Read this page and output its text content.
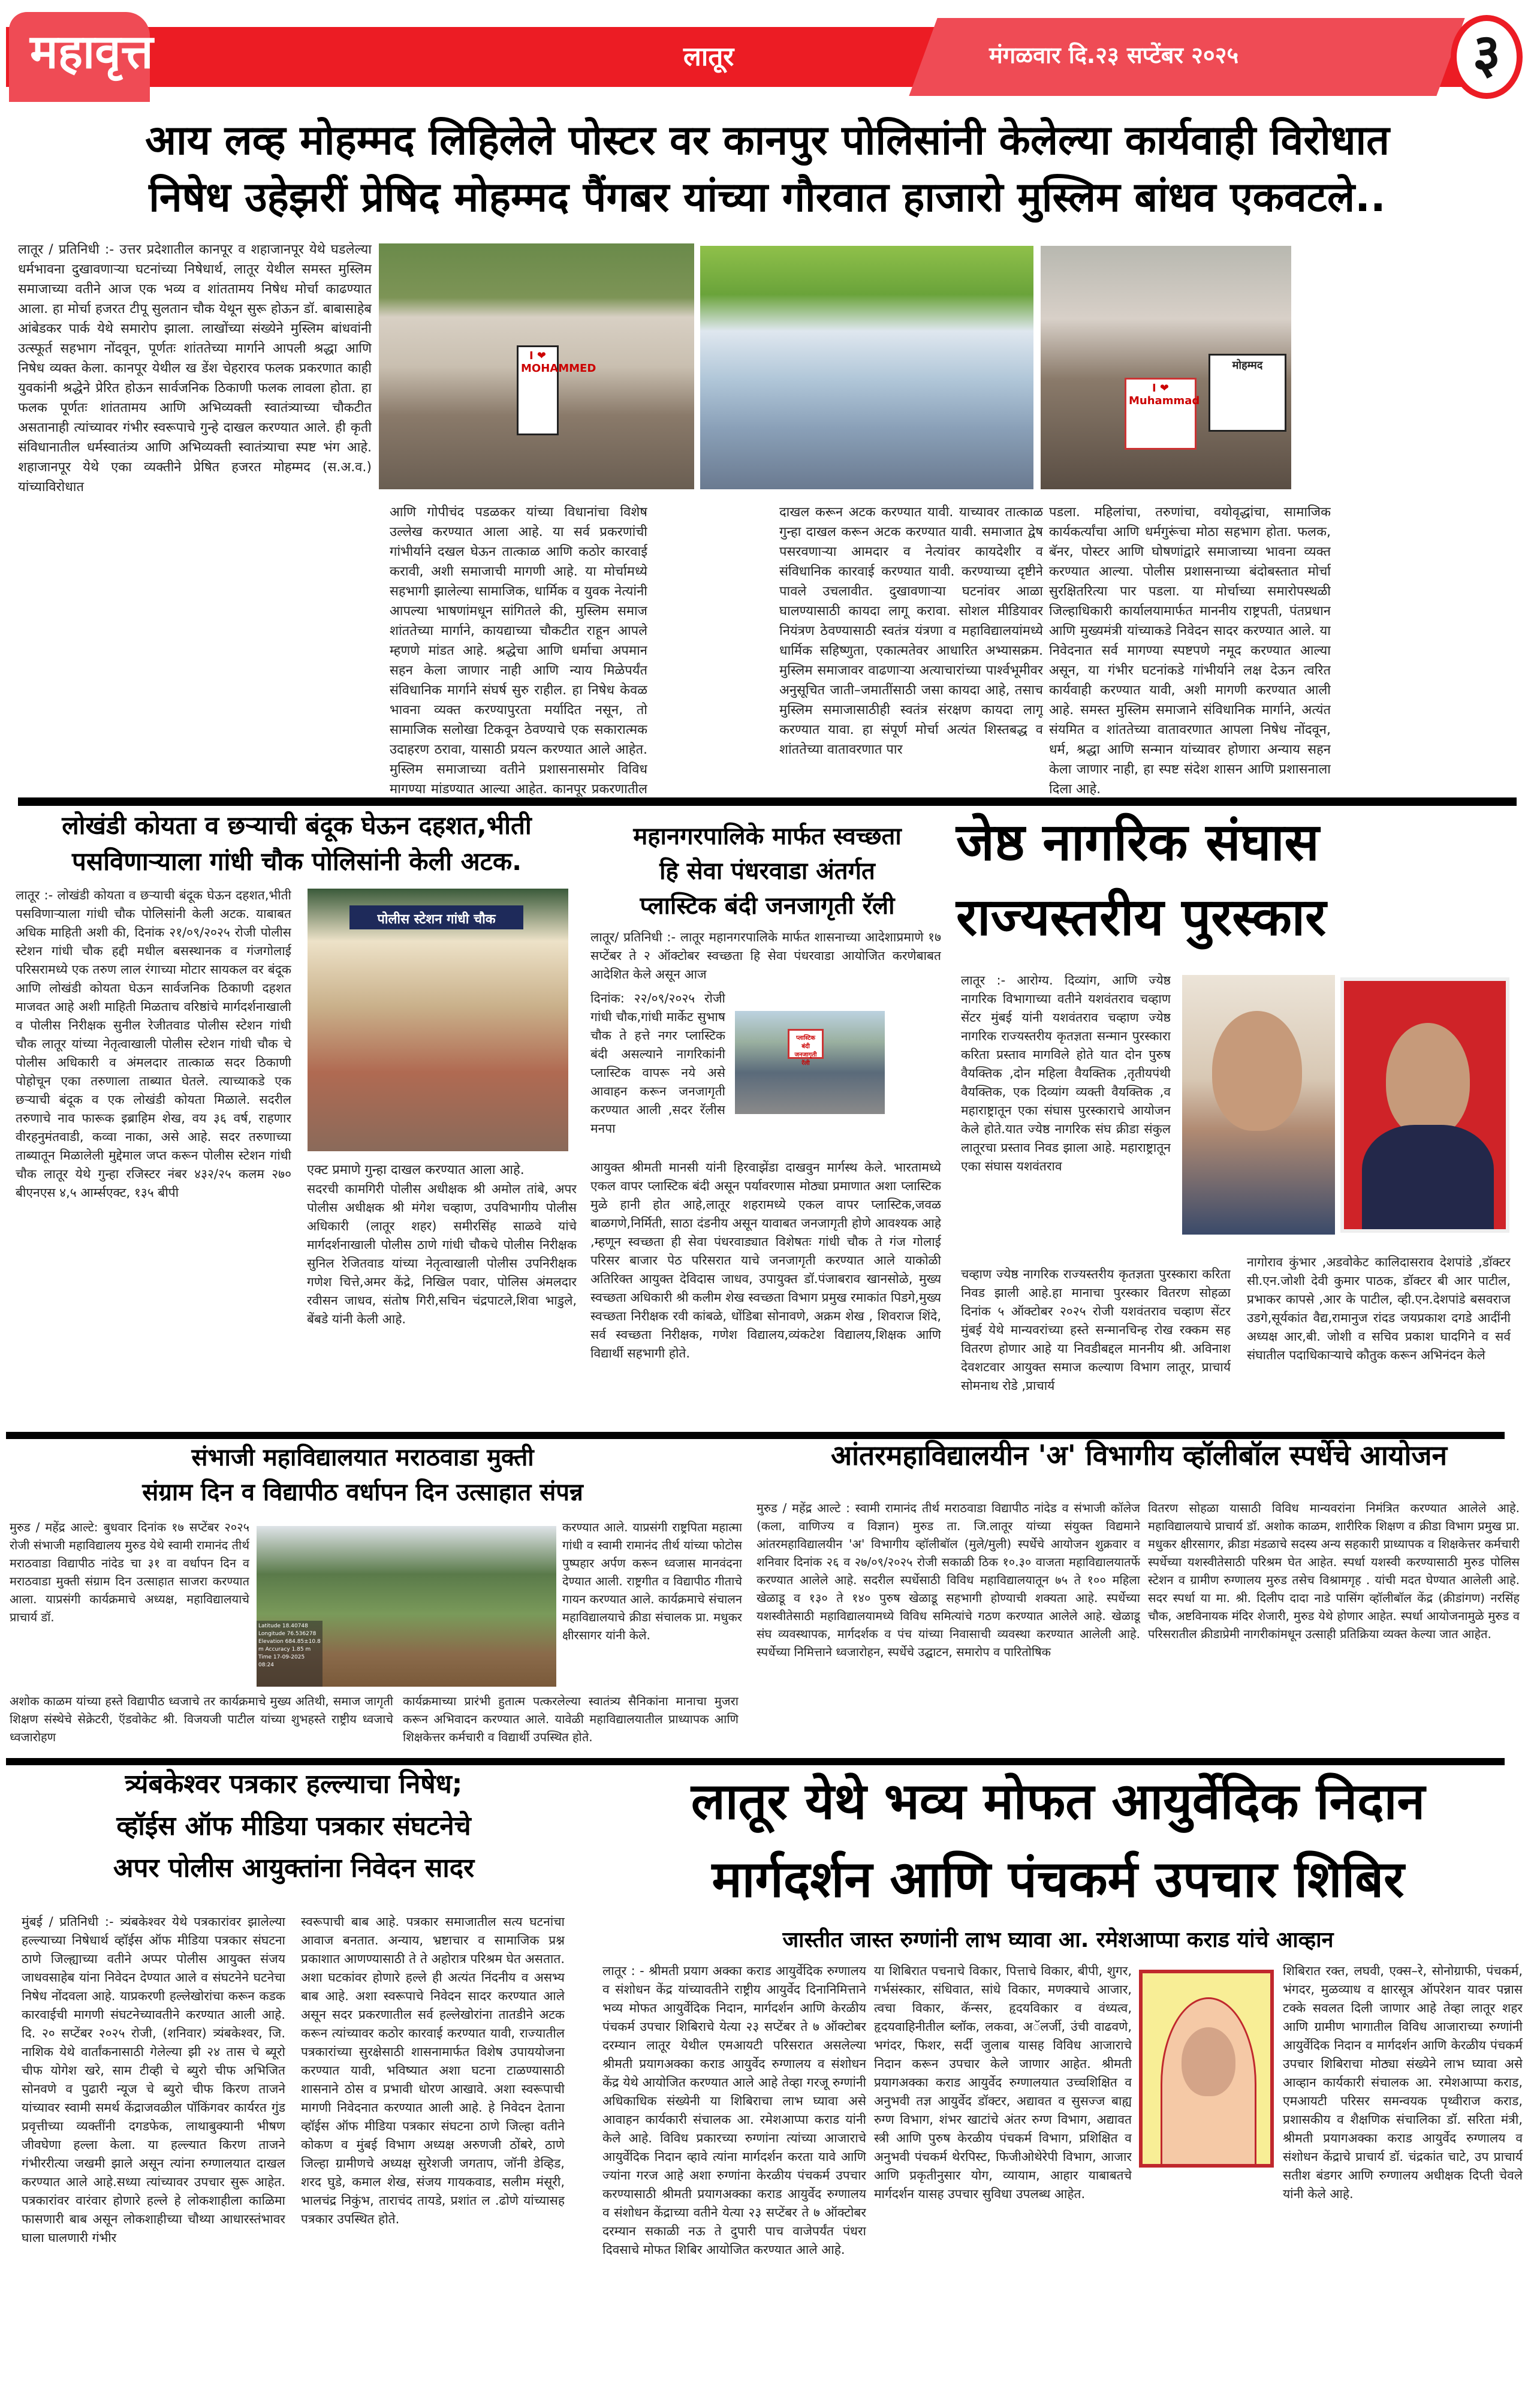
महावृत्त	लातूर	मंगळवार दि.२३ सप्टेंबर २०२५	३
आय लव्ह मोहम्मद लिहिलेले पोस्टर वर कानपुर पोलिसांनी केलेल्या कार्यवाही विरोधात
निषेध उहेझरीं प्रेषिद मोहम्मद पैंगबर यांच्या गौरवात हाजारो मुस्लिम बांधव एकवटले..
लातूर / प्रतिनिधी :- उत्तर प्रदेशातील कानपूर व शहाजानपूर येथे घडलेल्या धर्मभावना दुखावणाऱ्या घटनांच्या निषेधार्थ, लातूर येथील समस्त मुस्लिम समाजाच्या वतीने आज एक भव्य व शांततामय निषेध मोर्चा काढण्यात आला. हा मोर्चा हजरत टीपू सुलतान चौक येथून सुरू होऊन डॉ. बाबासाहेब आंबेडकर पार्क येथे समारोप झाला. लाखोंच्या संख्येने मुस्लिम बांधवांनी उत्स्फूर्त सहभाग नोंदवून, पूर्णतः शांततेच्या मार्गाने आपली श्रद्धा आणि निषेध व्यक्त केला. कानपूर येथील ख डेंश चेहरारव फलक प्रकरणात काही युवकांनी श्रद्धेने प्रेरित होऊन सार्वजनिक ठिकाणी फलक लावला होता. हा फलक पूर्णतः शांततामय आणि अभिव्यक्ती स्वातंत्र्याच्या चौकटीत असतानाही त्यांच्यावर गंभीर स्वरूपाचे गुन्हे दाखल करण्यात आले. ही कृती संविधानातील धर्मस्वातंत्र्य आणि अभिव्यक्ती स्वातंत्र्याचा स्पष्ट भंग आहे. शहाजानपूर येथे एका व्यक्तीने प्रेषित हजरत मोहम्मद (स.अ.व.) यांच्याविरोधात
I ❤ MOHAMMED
I ❤ Muhammad
मोहम्मद
आणि गोपीचंद पडळकर यांच्या विधानांचा विशेष उल्लेख करण्यात आला आहे. या सर्व प्रकरणांची गांभीर्याने दखल घेऊन तात्काळ आणि कठोर कारवाई करावी, अशी समाजाची मागणी आहे. या मोर्चामध्ये सहभागी झालेल्या सामाजिक, धार्मिक व युवक नेत्यांनी आपल्या भाषणांमधून सांगितले की, मुस्लिम समाज शांततेच्या मार्गाने, कायद्याच्या चौकटीत राहून आपले म्हणणे मांडत आहे. श्रद्धेचा आणि धर्माचा अपमान सहन केला जाणार नाही आणि न्याय मिळेपर्यंत संविधानिक मार्गाने संघर्ष सुरु राहील. हा निषेध केवळ भावना व्यक्त करण्यापुरता मर्यादित नसून, तो सामाजिक सलोखा टिकवून ठेवण्याचे एक सकारात्मक उदाहरण ठरावा, यासाठी प्रयत्न करण्यात आले आहेत. मुस्लिम समाजाच्या वतीने प्रशासनासमोर विविध मागण्या मांडण्यात आल्या आहेत. कानपूर प्रकरणातील
दाखल करून अटक करण्यात यावी. याच्यावर तात्काळ गुन्हा दाखल करून अटक करण्यात यावी. समाजात द्वेष पसरवणाऱ्या आमदार व नेत्यांवर कायदेशीर व संविधानिक कारवाई करण्यात यावी. करण्याच्या दृष्टीने पावले उचलावीत. दुखावणाऱ्या घटनांवर आळा घालण्यासाठी कायदा लागू करावा. सोशल मीडियावर नियंत्रण ठेवण्यासाठी स्वतंत्र यंत्रणा व महाविद्यालयांमध्ये धार्मिक सहिष्णुता, एकात्मतेवर आधारित अभ्यासक्रम. मुस्लिम समाजावर वाढणाऱ्या अत्याचारांच्या पार्श्वभूमीवर अनुसूचित जाती–जमातींसाठी जसा कायदा आहे, तसाच मुस्लिम समाजासाठीही स्वतंत्र संरक्षण कायदा लागू करण्यात यावा. हा संपूर्ण मोर्चा अत्यंत शिस्तबद्ध व शांततेच्या वातावरणात पार
पडला. महिलांचा, तरुणांचा, वयोवृद्धांचा, सामाजिक कार्यकर्त्यांचा आणि धर्मगुरूंचा मोठा सहभाग होता. फलक, बॅनर, पोस्टर आणि घोषणांद्वारे समाजाच्या भावना व्यक्त करण्यात आल्या. पोलीस प्रशासनाच्या बंदोबस्तात मोर्चा सुरक्षितरित्या पार पडला. या मोर्चाच्या समारोपस्थळी जिल्हाधिकारी कार्यालयामार्फत माननीय राष्ट्रपती, पंतप्रधान आणि मुख्यमंत्री यांच्याकडे निवेदन सादर करण्यात आले. या निवेदनात सर्व मागण्या स्पष्टपणे नमूद करण्यात आल्या असून, या गंभीर घटनांकडे गांभीर्याने लक्ष देऊन त्वरित कार्यवाही करण्यात यावी, अशी मागणी करण्यात आली आहे. समस्त मुस्लिम समाजाने संविधानिक मार्गाने, अत्यंत संयमित व शांततेच्या वातावरणात आपला निषेध नोंदवून, धर्म, श्रद्धा आणि सन्मान यांच्यावर होणारा अन्याय सहन केला जाणार नाही, हा स्पष्ट संदेश शासन आणि प्रशासनाला दिला आहे.
लोखंडी कोयता व छऱ्याची बंदूक घेऊन दहशत,भीती
पसविणाऱ्याला गांधी चौक पोलिसांनी केली अटक.
लातूर :- लोखंडी कोयता व छऱ्याची बंदूक घेऊन दहशत,भीती पसविणाऱ्याला गांधी चौक पोलिसांनी केली अटक. याबाबत अधिक माहिती अशी की, दिनांक २१/०९/२०२५ रोजी पोलीस स्टेशन गांधी चौक हद्दी मधील बसस्थानक व गंजगोलाई परिसरामध्ये एक तरुण लाल रंगाच्या मोटार सायकल वर बंदूक आणि लोखंडी कोयता घेऊन सार्वजनिक ठिकाणी दहशत माजवत आहे अशी माहिती मिळताच वरिष्ठांचे मार्गदर्शनाखाली व पोलीस निरीक्षक सुनील रेजीतवाड पोलीस स्टेशन गांधी चौक लातूर यांच्या नेतृत्वाखाली पोलीस स्टेशन गांधी चौक चे पोलीस अधिकारी व अंमलदार तात्काळ सदर ठिकाणी पोहोचून एका तरुणाला ताब्यात घेतले. त्याच्याकडे एक छऱ्याची बंदूक व एक लोखंडी कोयता मिळाले. सदरील तरुणाचे नाव फारूक इब्राहिम शेख, वय ३६ वर्ष, राहणार वीरहनुमंतवाडी, कव्वा नाका, असे आहे. सदर तरुणाच्या ताब्यातून मिळालेली मुद्देमाल जप्त करून पोलीस स्टेशन गांधी चौक लातूर येथे गुन्हा रजिस्टर नंबर ४३२/२५ कलम २७० बीएनएस ४,५ आर्म्सएक्ट, १३५ बीपी
पोलीस स्टेशन गांधी चौक
एक्ट प्रमाणे गुन्हा दाखल करण्यात आला आहे.
सदरची कामगिरी पोलीस अधीक्षक श्री अमोल तांबे, अपर पोलीस अधीक्षक श्री मंगेश चव्हाण, उपविभागीय पोलीस अधिकारी (लातूर शहर) समीरसिंह साळवे यांचे मार्गदर्शनाखाली पोलीस ठाणे गांधी चौकचे पोलीस निरीक्षक सुनिल रेजितवाड यांच्या नेतृत्वाखाली पोलीस उपनिरीक्षक गणेश चित्ते,अमर केंद्रे, निखिल पवार, पोलिस अंमलदार रवीसन जाधव, संतोष गिरी,सचिन चंद्रपाटले,शिवा भाडुले, बेंबडे यांनी केली आहे.
महानगरपालिके मार्फत स्वच्छता
हि सेवा पंधरवाडा अंतर्गत
प्लास्टिक बंदी जनजागृती रॅली
लातूर/ प्रतिनिधी :- लातूर महानगरपालिके मार्फत शासनाच्या आदेशाप्रमाणे १७ सप्टेंबर ते २ ऑक्टोबर स्वच्छता हि सेवा पंधरवाडा आयोजित करणेबाबत आदेशित केले असून आज
दिनांक: २२/०९/२०२५ रोजी गांधी चौक,गांधी मार्केट सुभाष चौक ते हत्ते नगर प्लास्टिक बंदी असल्याने नागरिकांनी प्लास्टिक वापरू नये असे आवाहन करून जनजागृती करण्यात आली ,सदर रॅलीस मनपा
प्लास्टिक बंदी जनजागृती रॅली
आयुक्त श्रीमती मानसी यांनी हिरवाझेंडा दाखवुन मार्गस्थ केले. भारतामध्ये एकल वापर प्लास्टिक बंदी असून पर्यावरणास मोठ्या प्रमाणात अशा प्लास्टिक मुळे हानी होत आहे,लातूर शहरामध्ये एकल वापर प्लास्टिक,जवळ बाळगणे,निर्मिती, साठा दंडनीय असून यावाबत जनजागृती होणे आवश्यक आहे ,म्हणून स्वच्छता ही सेवा पंधरवाड्यात विशेषतः गांधी चौक ते गंज गोलाई परिसर बाजार पेठ परिसरात याचे जनजागृती करण्यात आले याकोळी अतिरिक्त आयुक्त देविदास जाधव, उपायुक्त डॉ.पंजाबराव खानसोळे, मुख्य स्वच्छता अधिकारी श्री कलीम शेख स्वच्छता विभाग प्रमुख रमाकांत पिडगे,मुख्य स्वच्छता निरीक्षक रवी कांबळे, धोंडिबा सोनावणे, अक्रम शेख , शिवराज शिंदे, सर्व स्वच्छता निरीक्षक, गणेश विद्यालय,व्यंकटेश विद्यालय,शिक्षक आणि विद्यार्थी सहभागी होते.
जेष्ठ नागरिक संघास
राज्यस्तरीय पुरस्कार
लातूर :- आरोग्य. दिव्यांग, आणि ज्येष्ठ नागरिक विभागाच्या वतीने यशवंतराव चव्हाण सेंटर मुंबई यांनी यशवंतराव चव्हाण ज्येष्ठ नागरिक राज्यस्तरीय कृतज्ञता सन्मान पुरस्कारा करिता प्रस्ताव मागविले होते यात दोन पुरुष वैयक्तिक ,दोन महिला वैयक्तिक ,तृतीयपंथी वैयक्तिक, एक दिव्यांग व्यक्ती वैयक्तिक ,व महाराष्ट्रातून एका संघास पुरस्काराचे आयोजन केले होते.यात ज्येष्ठ नागरिक संघ क्रीडा संकुल लातूरचा प्रस्ताव निवड झाला आहे. महाराष्ट्रातून एका संघास यशवंतराव
चव्हाण ज्येष्ठ नागरिक राज्यस्तरीय कृतज्ञता पुरस्कारा करिता निवड झाली आहे.हा मानाचा पुरस्कार वितरण सोहळा दिनांक ५ ऑक्टोबर २०२५ रोजी यशवंतराव चव्हाण सेंटर मुंबई येथे मान्यवरांच्या हस्ते सन्मानचिन्ह रोख रक्कम सह वितरण होणार आहे या निवडीबद्दल माननीय श्री. अविनाश देवशटवार आयुक्त समाज कल्याण विभाग लातूर, प्राचार्य सोमनाथ रोडे ,प्राचार्य
नागोराव कुंभार ,अडवोकेट कालिदासराव देशपांडे ,डॉक्टर सी.एन.जोशी देवी कुमार पाठक, डॉक्टर बी आर पाटील, प्रभाकर कापसे ,आर के पाटील, व्ही.एन.देशपांडे बसवराज उडगे,सूर्यकांत वैद्य,रामानुज रांदड जयप्रकाश दगडे आदींनी अध्यक्ष आर,बी. जोशी व सचिव प्रकाश घादगिने व सर्व संघातील पदाधिकाऱ्याचे कौतुक करून अभिनंदन केले
संभाजी महाविद्यालयात मराठवाडा मुक्ती
संग्राम दिन व विद्यापीठ वर्धापन दिन उत्साहात संपन्न
मुरुड / महेंद्र आल्टे: बुधवार दिनांक १७ सप्टेंबर २०२५ रोजी संभाजी महाविद्यालय मुरुड येथे स्वामी रामानंद तीर्थ मराठवाडा विद्यापीठ नांदेड चा ३१ वा वर्धापन दिन व मराठवाडा मुक्ती संग्राम दिन उत्साहात साजरा करण्यात आला. याप्रसंगी कार्यक्रमाचे अध्यक्ष, महाविद्यालयाचे प्राचार्य डॉ.
Latitude 18.40748 Longitude 76.536278 Elevation 684.85±10.8 m Accuracy 1.85 m Time 17-09-2025 08:24
करण्यात आले. याप्रसंगी राष्ट्रपिता महात्मा गांधी व स्वामी रामानंद तीर्थ यांच्या फोटोस पुष्पहार अर्पण करून ध्वजास मानवंदना देण्यात आली. राष्ट्रगीत व विद्यापीठ गीताचे गायन करण्यात आले. कार्यक्रमाचे संचालन महाविद्यालयाचे क्रीडा संचालक प्रा. मधुकर क्षीरसागर यांनी केले.
अशोक काळम यांच्या हस्ते विद्यापीठ ध्वजाचे तर कार्यक्रमाचे मुख्य अतिथी, समाज जागृती शिक्षण संस्थेचे सेक्रेटरी, ऍडवोकेट श्री. विजयजी पाटील यांच्या शुभहस्ते राष्ट्रीय ध्वजाचे ध्वजारोहण
कार्यक्रमाच्या प्रारंभी हुतात्म पत्करलेल्या स्वातंत्र्य सैनिकांना मानाचा मुजरा करून अभिवादन करण्यात आले. यावेळी महाविद्यालयातील प्राध्यापक आणि शिक्षकेत्तर कर्मचारी व विद्यार्थी उपस्थित होते.
आंतरमहाविद्यालयीन 'अ' विभागीय व्हॉलीबॉल स्पर्धेचे आयोजन
मुरुड / महेंद्र आल्टे : स्वामी रामानंद तीर्थ मराठवाडा विद्यापीठ नांदेड व संभाजी कॉलेज (कला, वाणिज्य व विज्ञान) मुरुड ता. जि.लातूर यांच्या संयुक्त विद्यमाने आंतरमहाविद्यालयीन 'अ' विभागीय व्हॉलीबॉल (मुले/मुली) स्पर्धेचे आयोजन शुक्रवार व शनिवार दिनांक २६ व २७/०९/२०२५ रोजी सकाळी ठिक १०.३० वाजता महाविद्यालयातर्फे करण्यात आलेले आहे. सदरील स्पर्धेसाठी विविध महाविद्यालयातून ७५ ते १०० महिला खेळाडू व १३० ते १४० पुरुष खेळाडू सहभागी होण्याची शक्यता आहे. स्पर्धेच्या यशस्वीतेसाठी महाविद्यालयामध्ये विविध समित्यांचे गठण करण्यात आलेले आहे. खेळाडू संघ व्यवस्थापक, मार्गदर्शक व पंच यांच्या निवासाची व्यवस्था करण्यात आलेली आहे. स्पर्धेच्या निमित्ताने ध्वजारोहन, स्पर्धेचे उद्घाटन, समारोप व पारितोषिक
वितरण सोहळा यासाठी विविध मान्यवरांना निमंत्रित करण्यात आलेले आहे. महाविद्यालयाचे प्राचार्य डॉ. अशोक काळम, शारीरिक शिक्षण व क्रीडा विभाग प्रमुख प्रा. मधुकर क्षीरसागर, क्रीडा मंडळाचे सदस्य अन्य सहकारी प्राध्यापक व शिक्षकेत्तर कर्मचारी स्पर्धेच्या यशस्वीतेसाठी परिश्रम घेत आहेत. स्पर्धा यशस्वी करण्यासाठी मुरुड पोलिस स्टेशन व ग्रामीण रुग्णालय मुरुड तसेच विश्रामगृह . यांची मदत घेण्यात आलेली आहे. सदर स्पर्धा या मा. श्री. दिलीप दादा नाडे पासिंग व्हॉलीबॉल केंद्र (क्रीडांगण) नरसिंह चौक, अष्टविनायक मंदिर शेजारी, मुरुड येथे होणार आहेत. स्पर्धा आयोजनामुळे मुरुड व परिसरातील क्रीडाप्रेमी नागरीकांमधून उत्साही प्रतिक्रिया व्यक्त केल्या जात आहेत.
त्र्यंबकेश्वर पत्रकार हल्ल्याचा निषेध;
व्हॉईस ऑफ मीडिया पत्रकार संघटनेचे
अपर पोलीस आयुक्तांना निवेदन सादर
मुंबई / प्रतिनिधी :- त्र्यंबकेश्वर येथे पत्रकारांवर झालेल्या हल्ल्याच्या निषेधार्थ व्हॉईस ऑफ मीडिया पत्रकार संघटना ठाणे जिल्ह्याच्या वतीने अप्पर पोलीस आयुक्त संजय जाधवसाहेब यांना निवेदन देण्यात आले व संघटनेने घटनेचा निषेध नोंदवला आहे. याप्रकरणी हल्लेखोरांचा करून कडक कारवाईची मागणी संघटनेच्यावतीने करण्यात आली आहे. दि. २० सप्टेंबर २०२५ रोजी, (शनिवार) त्र्यंबकेश्वर, जि. नाशिक येथे वार्तांकनासाठी गेलेल्या झी २४ तास चे ब्यूरो चीफ योगेश खरे, साम टीव्ही चे ब्युरो चीफ अभिजित सोनवणे व पुढारी न्यूज चे ब्युरो चीफ किरण ताजने यांच्यावर स्वामी समर्थ केंद्राजवळील पॉकिंगवर कार्यरत गुंड प्रवृत्तीच्या व्यक्तींनी दगडफेक, लाथाबुक्यानी भीषण जीवघेणा हल्ला केला. या हल्ल्यात किरण ताजने गंभीररीत्या जखमी झाले असून त्यांना रुग्णालयात दाखल करण्यात आले आहे.सध्या त्यांच्यावर उपचार सुरू आहेत. पत्रकारांवर वारंवार होणारे हल्ले हे लोकशाहीला काळिमा फासणारी बाब असून लोकशाहीच्या चौथ्या आधारस्तंभावर घाला घालणारी गंभीर
स्वरूपाची बाब आहे. पत्रकार समाजातील सत्य घटनांचा आवाज बनतात. अन्याय, भ्रष्टाचार व सामाजिक प्रश्न प्रकाशात आणण्यासाठी ते ते अहोरात्र परिश्रम घेत असतात. अशा घटकांवर होणारे हल्ले ही अत्यंत निंदनीय व असभ्य बाब आहे. अशा स्वरूपाचे निवेदन सादर करण्यात आले असून सदर प्रकरणातील सर्व हल्लेखोरांना तातडीने अटक करून त्यांच्यावर कठोर कारवाई करण्यात यावी, राज्यातील पत्रकारांच्या सुरक्षेसाठी शासनामार्फत विशेष उपाययोजना करण्यात यावी, भविष्यात अशा घटना टाळण्यासाठी शासनाने ठोस व प्रभावी धोरण आखावे. अशा स्वरूपाची मागणी निवेदनात करण्यात आली आहे. हे निवेदन देताना व्हॉईस ऑफ मीडिया पत्रकार संघटना ठाणे जिल्हा वतीने कोकण व मुंबई विभाग अध्यक्ष अरुणजी ठोंबरे, ठाणे जिल्हा ग्रामीणचे अध्यक्ष सुरेशजी जगताप, जॉनी डेव्हिड, शरद घुडे, कमाल शेख, संजय गायकवाड, सलीम मंसूरी, भालचंद्र निकुंभ, ताराचंद तायडे, प्रशांत ल .ढोणे यांच्यासह पत्रकार उपस्थित होते.
लातूर येथे भव्य मोफत आयुर्वेदिक निदान
मार्गदर्शन आणि पंचकर्म उपचार शिबिर
जास्तीत जास्त रुग्णांनी लाभ घ्यावा आ. रमेशआप्पा कराड यांचे आव्हान
लातूर : - श्रीमती प्रयाग अक्का कराड आयुर्वेदिक रुग्णालय व संशोधन केंद्र यांच्यावतीने राष्ट्रीय आयुर्वेद दिनानिमित्ताने भव्य मोफत आयुर्वेदिक निदान, मार्गदर्शन आणि केरळीय पंचकर्म उपचार शिबिराचे येत्या २३ सप्टेंबर ते ७ ऑक्टोबर दरम्यान लातूर येथील एमआयटी परिसरात असलेल्या श्रीमती प्रयागअक्का कराड आयुर्वेद रुग्णालय व संशोधन केंद्र येथे आयोजित करण्यात आले आहे तेव्हा गरजू रुग्णांनी अधिकाधिक संख्येनी या शिबिराचा लाभ घ्यावा असे आवाहन कार्यकारी संचालक आ. रमेशआप्पा कराड यांनी केले आहे. विविध प्रकारच्या रुग्णांना त्यांच्या आजाराचे आयुर्वेदिक निदान व्हावे त्यांना मार्गदर्शन करता यावे आणि ज्यांना गरज आहे अशा रुग्णांना केरळीय पंचकर्म उपचार करण्यासाठी श्रीमती प्रयागअक्का कराड आयुर्वेद रुग्णालय व संशोधन केंद्राच्या वतीने येत्या २३ सप्टेंबर ते ७ ऑक्टोबर दरम्यान सकाळी नऊ ते दुपारी पाच वाजेपर्यंत पंधरा दिवसाचे मोफत शिबिर आयोजित करण्यात आले आहे.
या शिबिरात पचनाचे विकार, पित्ताचे विकार, बीपी, शुगर, गर्भसंस्कार, संधिवात, सांधे विकार, मणक्याचे आजार, त्वचा विकार, कॅन्सर, हृदयविकार व वंध्यत्व, हृदयवाहिनीतील ब्लॉक, लकवा, अॅलर्जी, उंची वाढवणे, भगंदर, फिशर, सर्दी जुलाब यासह विविध आजाराचे निदान करून उपचार केले जाणार आहेत. श्रीमती प्रयागअक्का कराड आयुर्वेद रुग्णालयात उच्चशिक्षित व अनुभवी तज्ञ आयुर्वेद डॉक्टर, अद्यावत व सुसज्ज बाह्य रुग्ण विभाग, शंभर खाटांचे अंतर रुग्ण विभाग, अद्यावत स्त्री आणि पुरुष केरळीय पंचकर्म विभाग, प्रशिक्षित व अनुभवी पंचकर्म थेरपिस्ट, फिजीओथेरेपी विभाग, आजार आणि प्रकृतीनुसार योग, व्यायाम, आहार याबाबतचे मार्गदर्शन यासह उपचार सुविधा उपलब्ध आहेत.
शिबिरात रक्त, लघवी, एक्स–रे, सोनोग्राफी, पंचकर्म, भंगदर, मुळव्याध व क्षारसूत्र ऑपरेशन यावर पन्नास टक्के सवलत दिली जाणार आहे तेव्हा लातूर शहर आणि ग्रामीण भागातील विविध आजाराच्या रुग्णांनी आयुर्वेदिक निदान व मार्गदर्शन आणि केरळीय पंचकर्म उपचार शिबिराचा मोठ्या संख्येने लाभ घ्यावा असे आव्हान कार्यकारी संचालक आ. रमेशआप्पा कराड, एमआयटी परिसर समन्वयक पृथ्वीराज कराड, प्रशासकीय व शैक्षणिक संचालिका डॉ. सरिता मंत्री, श्रीमती प्रयागअक्का कराड आयुर्वेद रुग्णालय व संशोधन केंद्राचे प्राचार्य डॉ. चंद्रकांत चाटे, उप प्राचार्य सतीश बंडगर आणि रुग्णालय अधीक्षक दिप्ती चेवले यांनी केले आहे.
